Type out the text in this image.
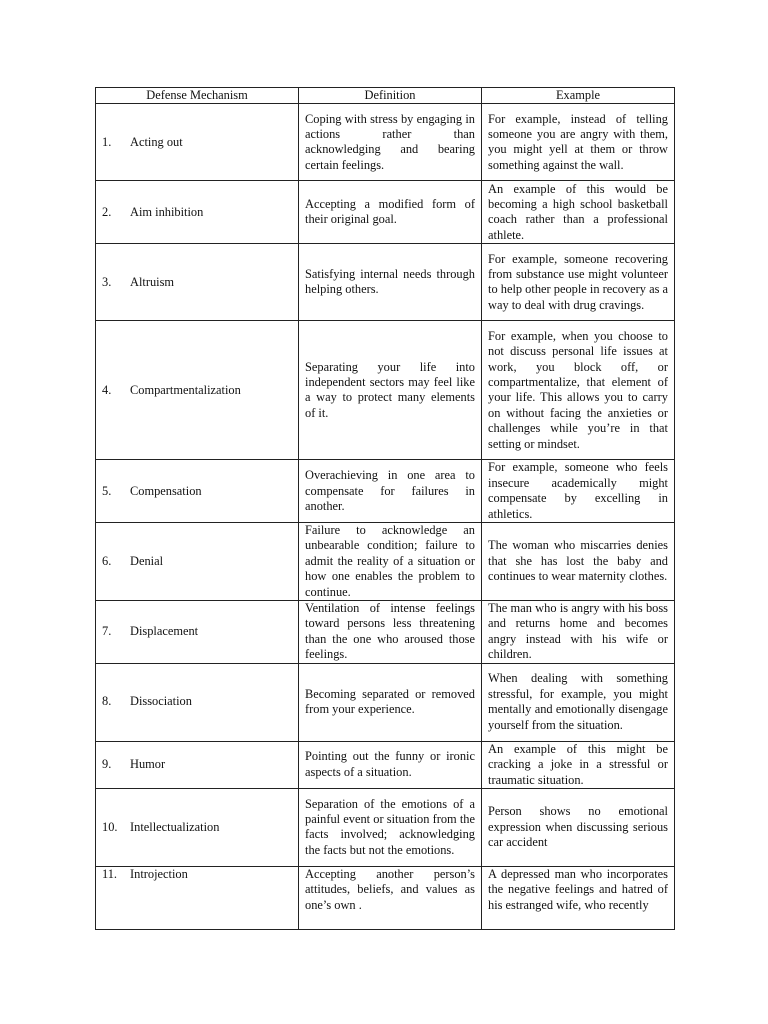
Defense Mechanism	Definition	Example
1. Acting out	Coping with stress by engaging in actions rather than acknowledging and bearing certain feelings.	For example, instead of telling someone you are angry with them, you might yell at them or throw something against the wall.
2. Aim inhibition	Accepting a modified form of their original goal.	An example of this would be becoming a high school basketball coach rather than a professional athlete.
3. Altruism	Satisfying internal needs through helping others.	For example, someone recovering from substance use might volunteer to help other people in recovery as a way to deal with drug cravings.
4. Compartmentalization	Separating your life into independent sectors may feel like a way to protect many elements of it.	For example, when you choose to not discuss personal life issues at work, you block off, or compartmentalize, that element of your life. This allows you to carry on without facing the anxieties or challenges while you’re in that setting or mindset.
5. Compensation	Overachieving in one area to compensate for failures in another.	For example, someone who feels insecure academically might compensate by excelling in athletics.
6. Denial	Failure to acknowledge an unbearable condition; failure to admit the reality of a situation or how one enables the problem to continue.	The woman who miscarries denies that she has lost the baby and continues to wear maternity clothes.
7. Displacement	Ventilation of intense feelings toward persons less threatening than the one who aroused those feelings.	The man who is angry with his boss and returns home and becomes angry instead with his wife or children.
8. Dissociation	Becoming separated or removed from your experience.	When dealing with something stressful, for example, you might mentally and emotionally disengage yourself from the situation.
9. Humor	Pointing out the funny or ironic aspects of a situation.	An example of this might be cracking a joke in a stressful or traumatic situation.
10. Intellectualization	Separation of the emotions of a painful event or situation from the facts involved; acknowledging the facts but not the emotions.	Person shows no emotional expression when discussing serious car accident
11. Introjection	Accepting another person’s attitudes, beliefs, and values as one’s own .	A depressed man who incorporates the negative feelings and hatred of his estranged wife, who recently
